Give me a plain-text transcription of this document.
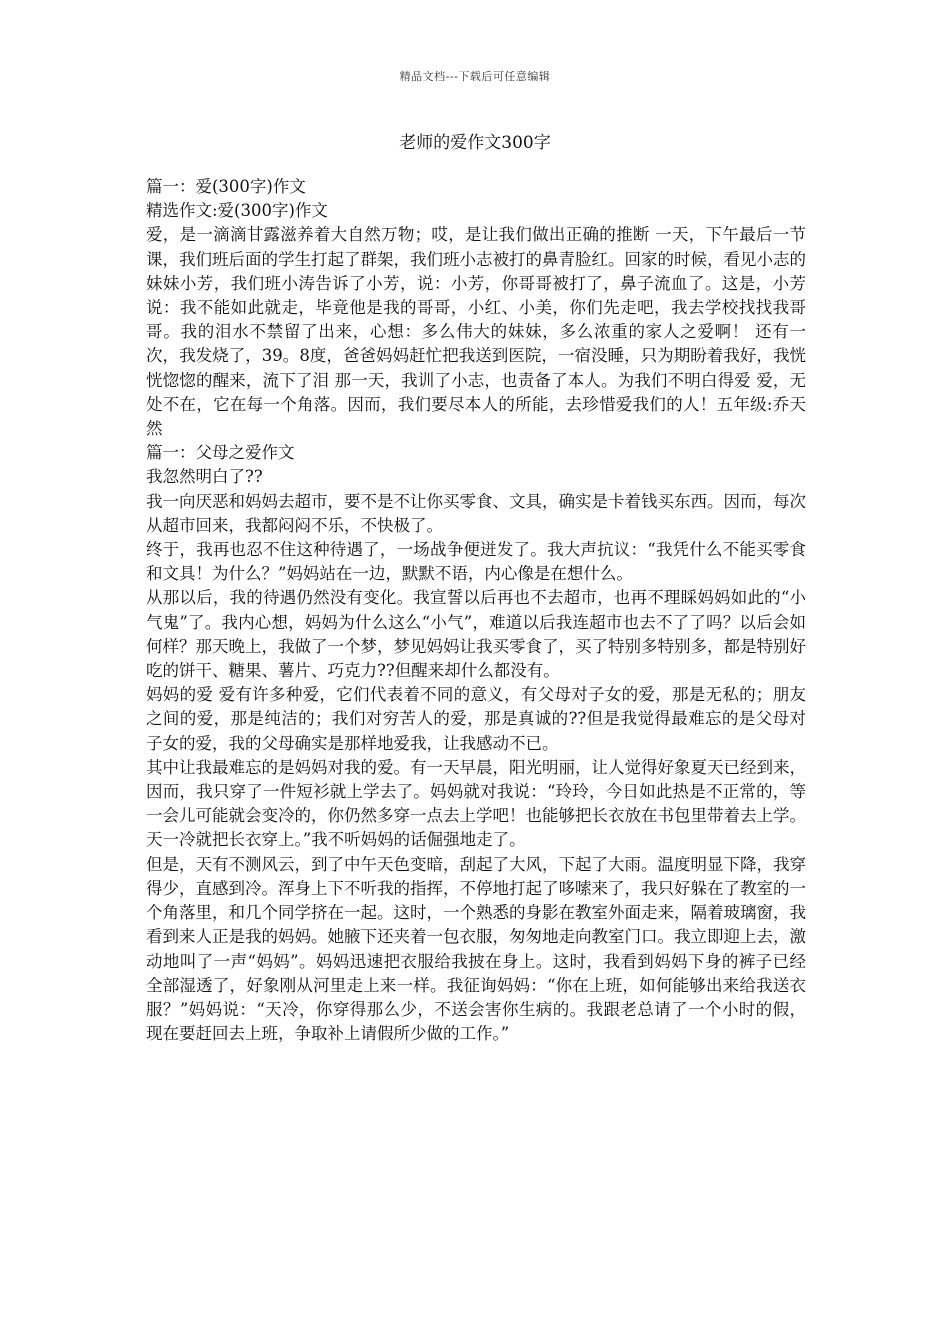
精品文档---下载后可任意编辑
老师的爱作文300字

篇一：爱(300字)作文

精选作文:爱(300字)作文

爱，是一滴滴甘露滋养着大自然万物；哎，是让我们做出正确的推断 一天，下午最后一节课，我们班后面的学生打起了群架，我们班小志被打的鼻青脸红。回家的时候，看见小志的妹妹小芳，我们班小涛告诉了小芳，说：小芳，你哥哥被打了，鼻子流血了。这是，小芳说：我不能如此就走，毕竟他是我的哥哥，小红、小美，你们先走吧，我去学校找找我哥哥。我的泪水不禁留了出来，心想：多么伟大的妹妹，多么浓重的家人之爱啊！ 还有一次，我发烧了，39。8度，爸爸妈妈赶忙把我送到医院，一宿没睡，只为期盼着我好，我恍恍惚惚的醒来，流下了泪 那一天，我训了小志，也责备了本人。为我们不明白得爱 爱，无处不在，它在每一个角落。因而，我们要尽本人的所能，去珍惜爱我们的人！五年级:乔天然

篇一：父母之爱作文

我忽然明白了??

我一向厌恶和妈妈去超市，要不是不让你买零食、文具，确实是卡着钱买东西。因而，每次从超市回来，我都闷闷不乐，不快极了。

终于，我再也忍不住这种待遇了，一场战争便迸发了。我大声抗议：“我凭什么不能买零食和文具！为什么？”妈妈站在一边，默默不语，内心像是在想什么。

从那以后，我的待遇仍然没有变化。我宣誓以后再也不去超市，也再不理睬妈妈如此的“小气鬼”了。我内心想，妈妈为什么这么“小气”，难道以后我连超市也去不了了吗？以后会如何样？那天晚上，我做了一个梦，梦见妈妈让我买零食了，买了特别多特别多，都是特别好吃的饼干、糖果、薯片、巧克力??但醒来却什么都没有。

妈妈的爱 爱有许多种爱，它们代表着不同的意义，有父母对子女的爱，那是无私的；朋友之间的爱，那是纯洁的；我们对穷苦人的爱，那是真诚的??但是我觉得最难忘的是父母对子女的爱，我的父母确实是那样地爱我，让我感动不已。

其中让我最难忘的是妈妈对我的爱。有一天早晨，阳光明丽，让人觉得好象夏天已经到来，因而，我只穿了一件短衫就上学去了。妈妈就对我说：“玲玲，今日如此热是不正常的，等一会儿可能就会变冷的，你仍然多穿一点去上学吧！也能够把长衣放在书包里带着去上学。天一冷就把长衣穿上。”我不听妈妈的话倔强地走了。

但是，天有不测风云，到了中午天色变暗，刮起了大风，下起了大雨。温度明显下降，我穿得少，直感到冷。浑身上下不听我的指挥，不停地打起了哆嗦来了，我只好躲在了教室的一个角落里，和几个同学挤在一起。这时，一个熟悉的身影在教室外面走来，隔着玻璃窗，我看到来人正是我的妈妈。她腋下还夹着一包衣服，匆匆地走向教室门口。我立即迎上去，激动地叫了一声“妈妈”。妈妈迅速把衣服给我披在身上。这时，我看到妈妈下身的裤子已经全部湿透了，好象刚从河里走上来一样。我征询妈妈：“你在上班，如何能够出来给我送衣服？”妈妈说：“天冷，你穿得那么少，不送会害你生病的。我跟老总请了一个小时的假，现在要赶回去上班，争取补上请假所少做的工作。”
